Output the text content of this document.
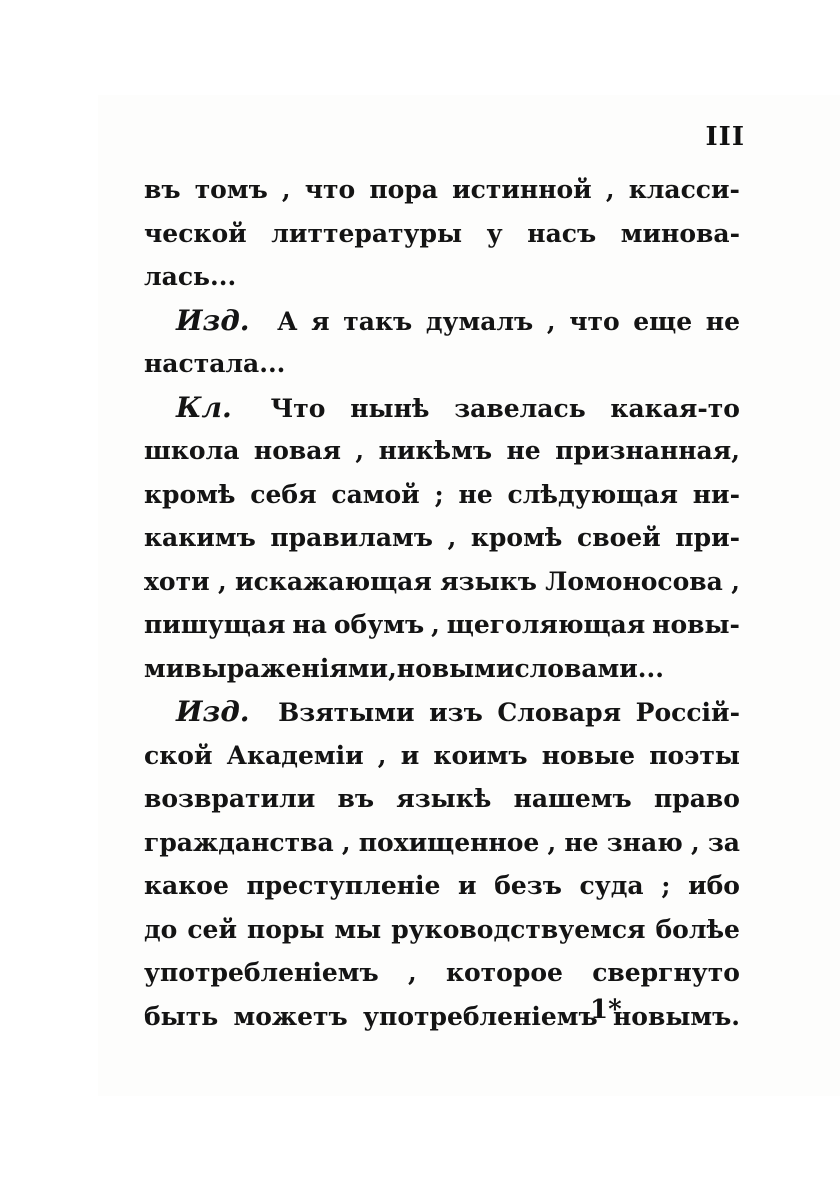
III
въ томъ , что пора истинной , класси-
ческой литтературы у насъ минова-
лась. . .
Изд. А я такъ думалъ , что еще не
настала. . .
Кл. Что нынѣ завелась какая-то
школа новая , никѣмъ не признанная,
кромѣ себя самой ; не слѣдующая ни-
какимъ правиламъ , кромѣ своей при-
хоти , искажающая языкъ Ломоносова ,
пишущая на обумъ , щеголяющая новы-
ми выраженіями , новыми словами. . .
Изд. Взятыми изъ Словаря Россій-
ской Академіи , и коимъ новые поэты
возвратили въ языкѣ нашемъ право
гражданства , похищенное , не знаю , за
какое преступленіе и безъ суда ; ибо
до сей поры мы руководствуемся болѣе
употребленіемъ , которое свергнуто
быть можетъ употребленіемъ новымъ.
1*
